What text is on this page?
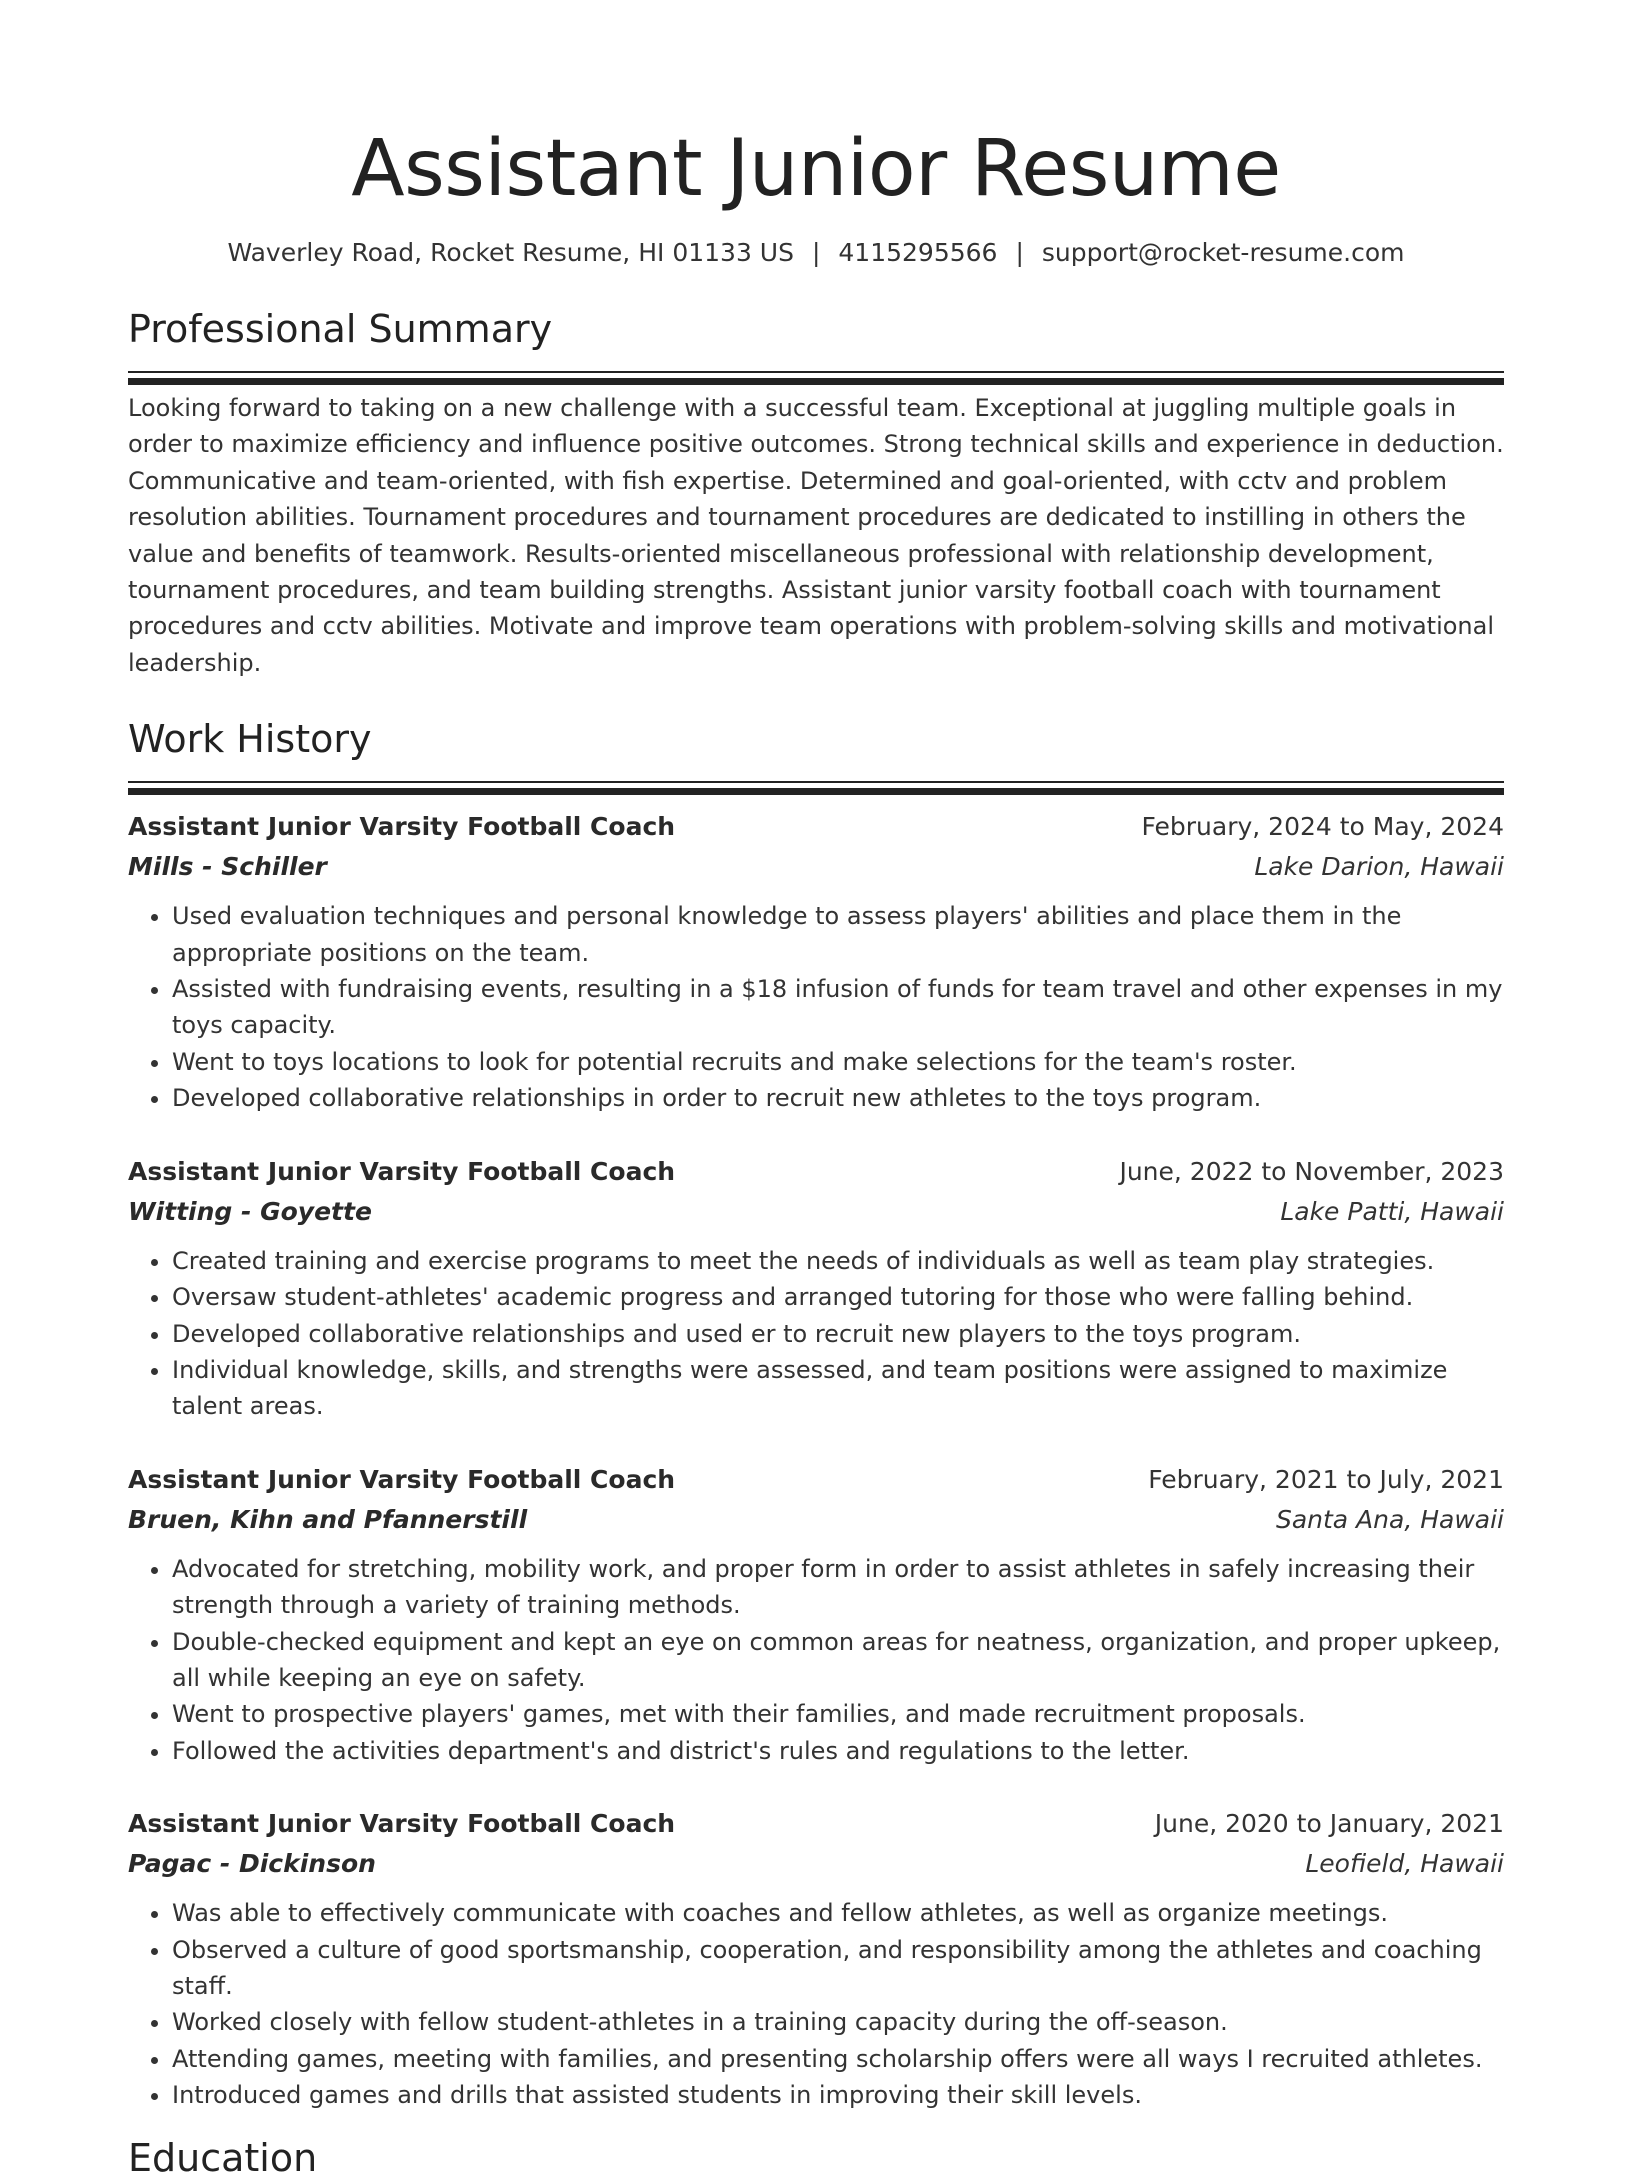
Assistant Junior Resume
Waverley Road, Rocket Resume, HI 01133 US | 4115295566 | support@rocket-resume.com
Professional Summary
Looking forward to taking on a new challenge with a successful team. Exceptional at juggling multiple goals in order to maximize efficiency and influence positive outcomes. Strong technical skills and experience in deduction. Communicative and team-oriented, with fish expertise. Determined and goal-oriented, with cctv and problem resolution abilities. Tournament procedures and tournament procedures are dedicated to instilling in others the value and benefits of teamwork. Results-oriented miscellaneous professional with relationship development, tournament procedures, and team building strengths. Assistant junior varsity football coach with tournament procedures and cctv abilities. Motivate and improve team operations with problem-solving skills and motivational leadership.
Work History
Assistant Junior Varsity Football Coach	February, 2024 to May, 2024
Mills - Schiller	Lake Darion, Hawaii
• Used evaluation techniques and personal knowledge to assess players' abilities and place them in the appropriate positions on the team.
• Assisted with fundraising events, resulting in a $18 infusion of funds for team travel and other expenses in my toys capacity.
• Went to toys locations to look for potential recruits and make selections for the team's roster.
• Developed collaborative relationships in order to recruit new athletes to the toys program.
Assistant Junior Varsity Football Coach	June, 2022 to November, 2023
Witting - Goyette	Lake Patti, Hawaii
• Created training and exercise programs to meet the needs of individuals as well as team play strategies.
• Oversaw student-athletes' academic progress and arranged tutoring for those who were falling behind.
• Developed collaborative relationships and used er to recruit new players to the toys program.
• Individual knowledge, skills, and strengths were assessed, and team positions were assigned to maximize talent areas.
Assistant Junior Varsity Football Coach	February, 2021 to July, 2021
Bruen, Kihn and Pfannerstill	Santa Ana, Hawaii
• Advocated for stretching, mobility work, and proper form in order to assist athletes in safely increasing their strength through a variety of training methods.
• Double-checked equipment and kept an eye on common areas for neatness, organization, and proper upkeep, all while keeping an eye on safety.
• Went to prospective players' games, met with their families, and made recruitment proposals.
• Followed the activities department's and district's rules and regulations to the letter.
Assistant Junior Varsity Football Coach	June, 2020 to January, 2021
Pagac - Dickinson	Leofield, Hawaii
• Was able to effectively communicate with coaches and fellow athletes, as well as organize meetings.
• Observed a culture of good sportsmanship, cooperation, and responsibility among the athletes and coaching staff.
• Worked closely with fellow student-athletes in a training capacity during the off-season.
• Attending games, meeting with families, and presenting scholarship offers were all ways I recruited athletes.
• Introduced games and drills that assisted students in improving their skill levels.
Education
